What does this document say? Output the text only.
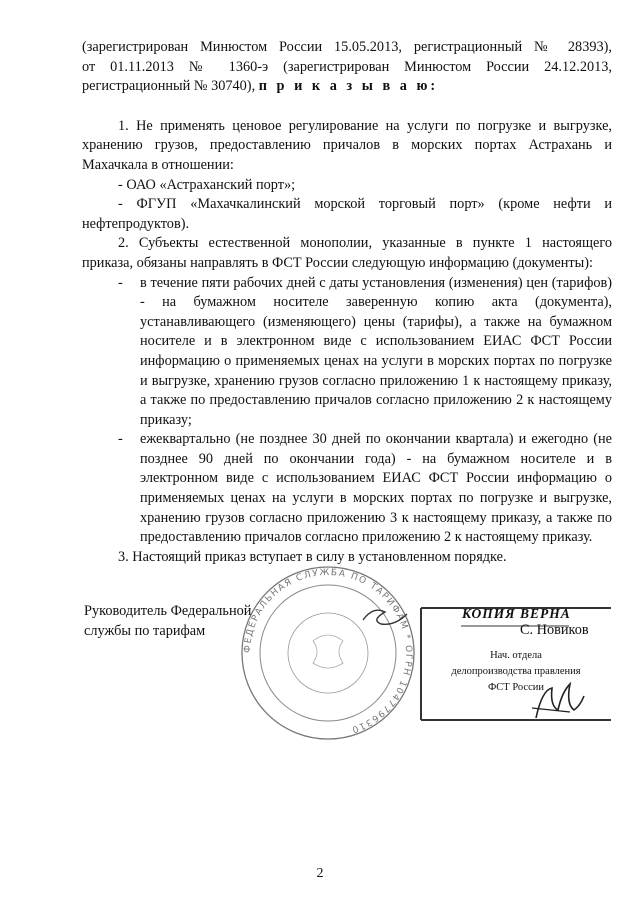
(зарегистрирован Минюстом России 15.05.2013, регистрационный № 28393),

от 01.11.2013 № 1360-э (зарегистрирован Минюстом России 24.12.2013,

регистрационный № 30740), п р и к а з ы в а ю:

1. Не применять ценовое регулирование на услуги по погрузке и выгрузке, хранению грузов, предоставлению причалов в морских портах Астрахань и Махачкала в отношении:

- ОАО «Астраханский порт»;

- ФГУП «Махачкалинский морской торговый порт» (кроме нефти и нефтепродуктов).

2. Субъекты естественной монополии, указанные в пункте 1 настоящего приказа, обязаны направлять в ФСТ России следующую информацию (документы):

-	в течение пяти рабочих дней с даты установления (изменения) цен (тарифов) - на бумажном носителе заверенную копию акта (документа), устанавливающего (изменяющего) цены (тарифы), а также на бумажном носителе и в электронном виде с использованием ЕИАС ФСТ России информацию о применяемых ценах на услуги в морских портах по погрузке и выгрузке, хранению грузов согласно приложению 1 к настоящему приказу, а также по предоставлению причалов согласно приложению 2 к настоящему приказу;
-	ежеквартально (не позднее 30 дней по окончании квартала) и ежегодно (не позднее 90 дней по окончании года) - на бумажном носителе и в электронном виде с использованием ЕИАС ФСТ России информацию о применяемых ценах на услуги в морских портах по погрузке и выгрузке, хранению грузов согласно приложению 3 к настоящему приказу, а также по предоставлению причалов согласно приложению 2 к настоящему приказу.

3. Настоящий приказ вступает в силу в установленном порядке.

ФЕДЕРАЛЬНАЯ СЛУЖБА ПО ТАРИФАМ * ОГРН 1047796310
Руководитель Федеральной
службы по тарифам
КОПИЯ ВЕРНА
С. Новиков
Нач. отдела
делопроизводства правления
ФСТ России
2
